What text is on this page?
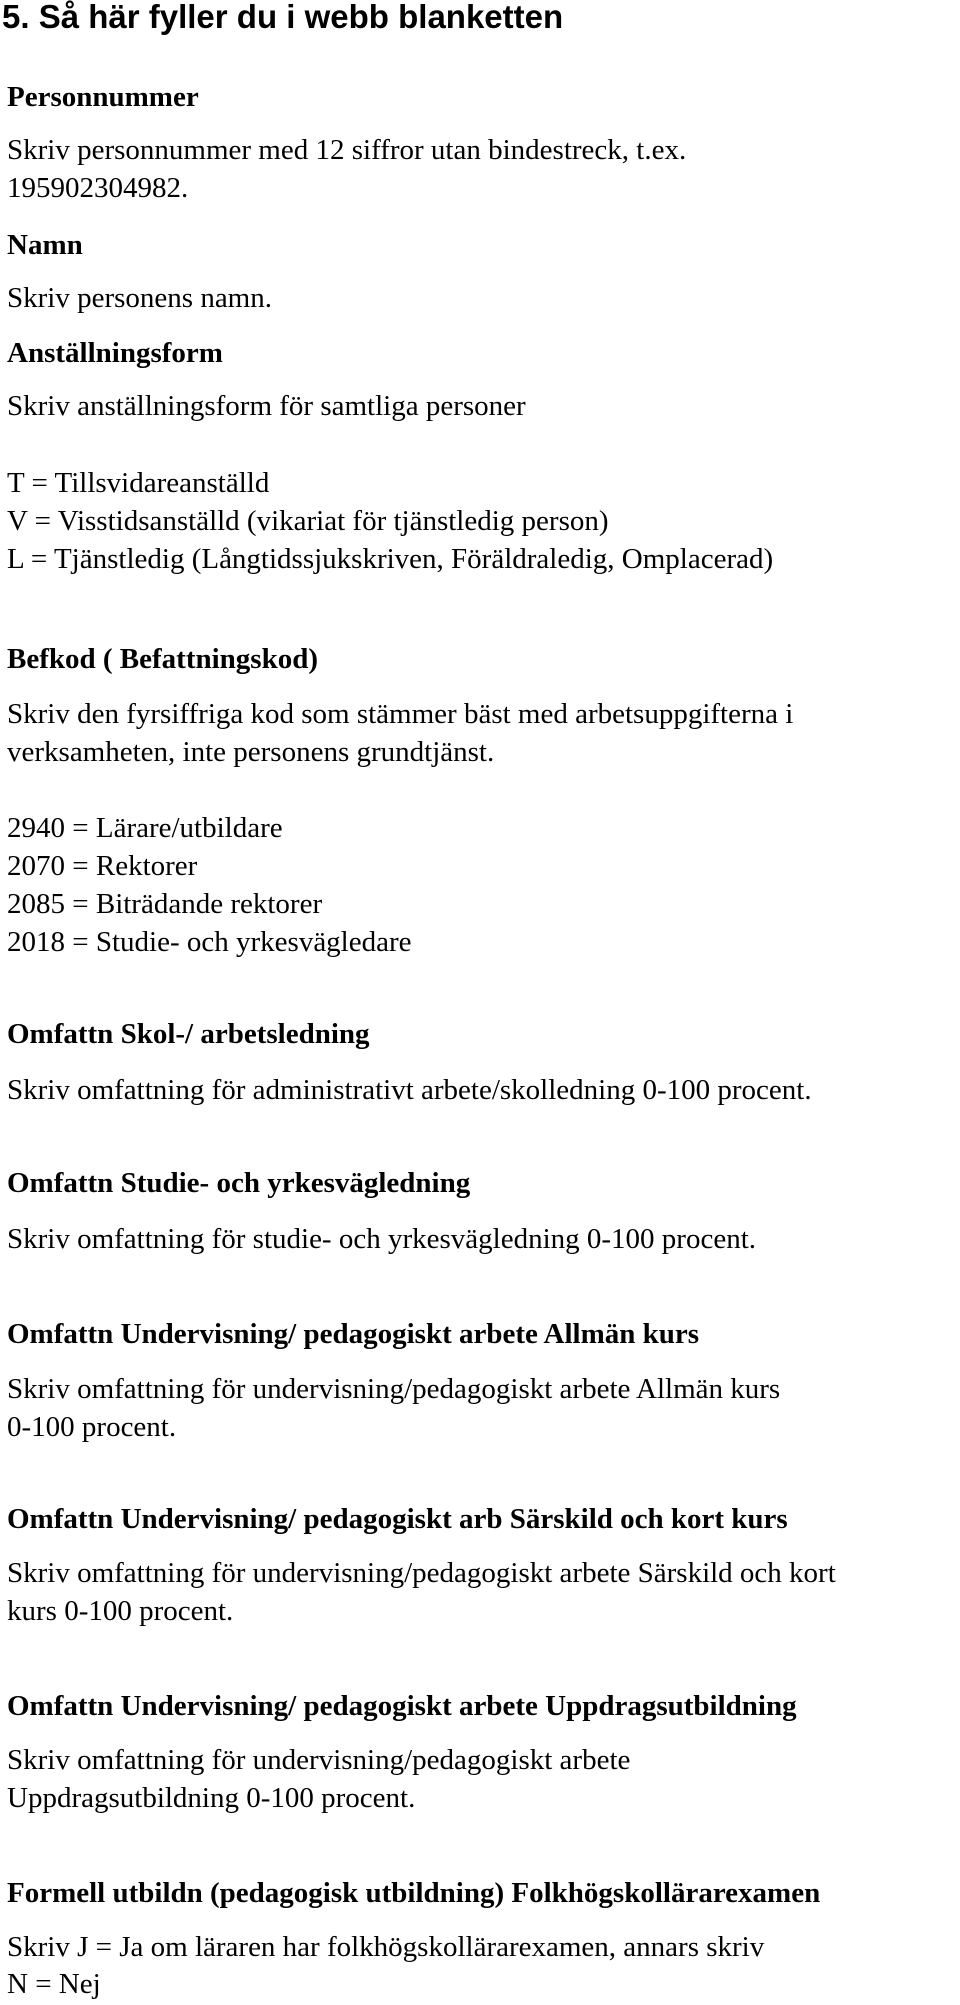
5. Så här fyller du i webb blanketten
Personnummer
Skriv personnummer med 12 siffror utan bindestreck, t.ex.
195902304982.
Namn
Skriv personens namn.
Anställningsform
Skriv anställningsform för samtliga personer
T = Tillsvidareanställd
V = Visstidsanställd (vikariat för tjänstledig person)
L = Tjänstledig (Långtidssjukskriven, Föräldraledig, Omplacerad)
Befkod ( Befattningskod)
Skriv den fyrsiffriga kod som stämmer bäst med arbetsuppgifterna i
verksamheten, inte personens grundtjänst.
2940 = Lärare/utbildare
2070 = Rektorer
2085 = Biträdande rektorer
2018 = Studie- och yrkesvägledare
Omfattn Skol-/ arbetsledning
Skriv omfattning för administrativt arbete/skolledning 0-100 procent.
Omfattn Studie- och yrkesvägledning
Skriv omfattning för studie- och yrkesvägledning 0-100 procent.
Omfattn Undervisning/ pedagogiskt arbete Allmän kurs
Skriv omfattning för undervisning/pedagogiskt arbete Allmän kurs
0-100 procent.
Omfattn Undervisning/ pedagogiskt arb Särskild och kort kurs
Skriv omfattning för undervisning/pedagogiskt arbete Särskild och kort
kurs 0-100 procent.
Omfattn Undervisning/ pedagogiskt arbete Uppdragsutbildning
Skriv omfattning för undervisning/pedagogiskt arbete
Uppdragsutbildning 0-100 procent.
Formell utbildn (pedagogisk utbildning) Folkhögskollärarexamen
Skriv J = Ja om läraren har folkhögskollärarexamen, annars skriv
N = Nej
